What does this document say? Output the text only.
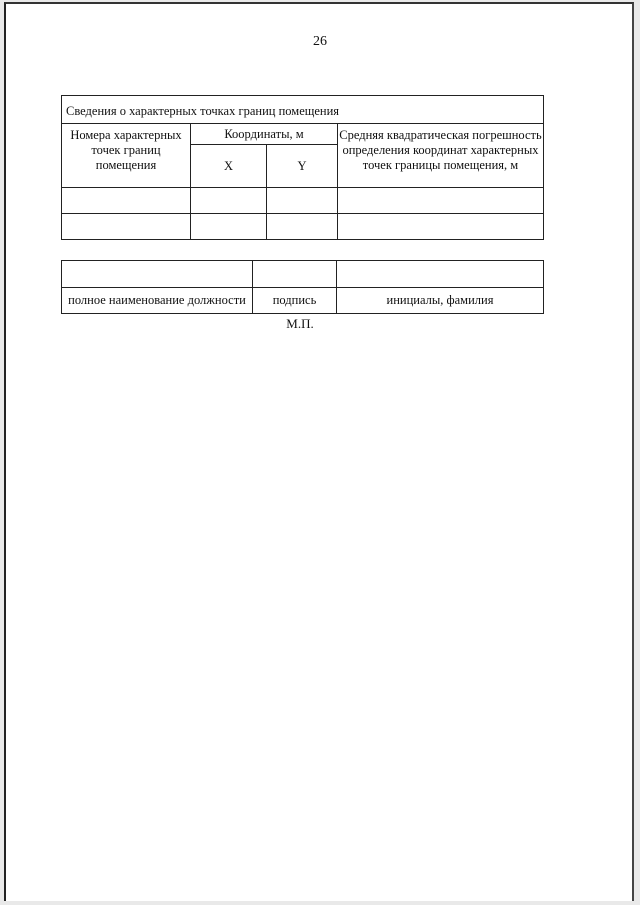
26
Сведения о характерных точках границ помещения			
Номера характерных точек границ помещения	Координаты, м		Средняя квадратическая погрешность определения координат характерных точек границы помещения, м
	X	Y	

полное наименование должности	подпись	инициалы, фамилия
М.П.
